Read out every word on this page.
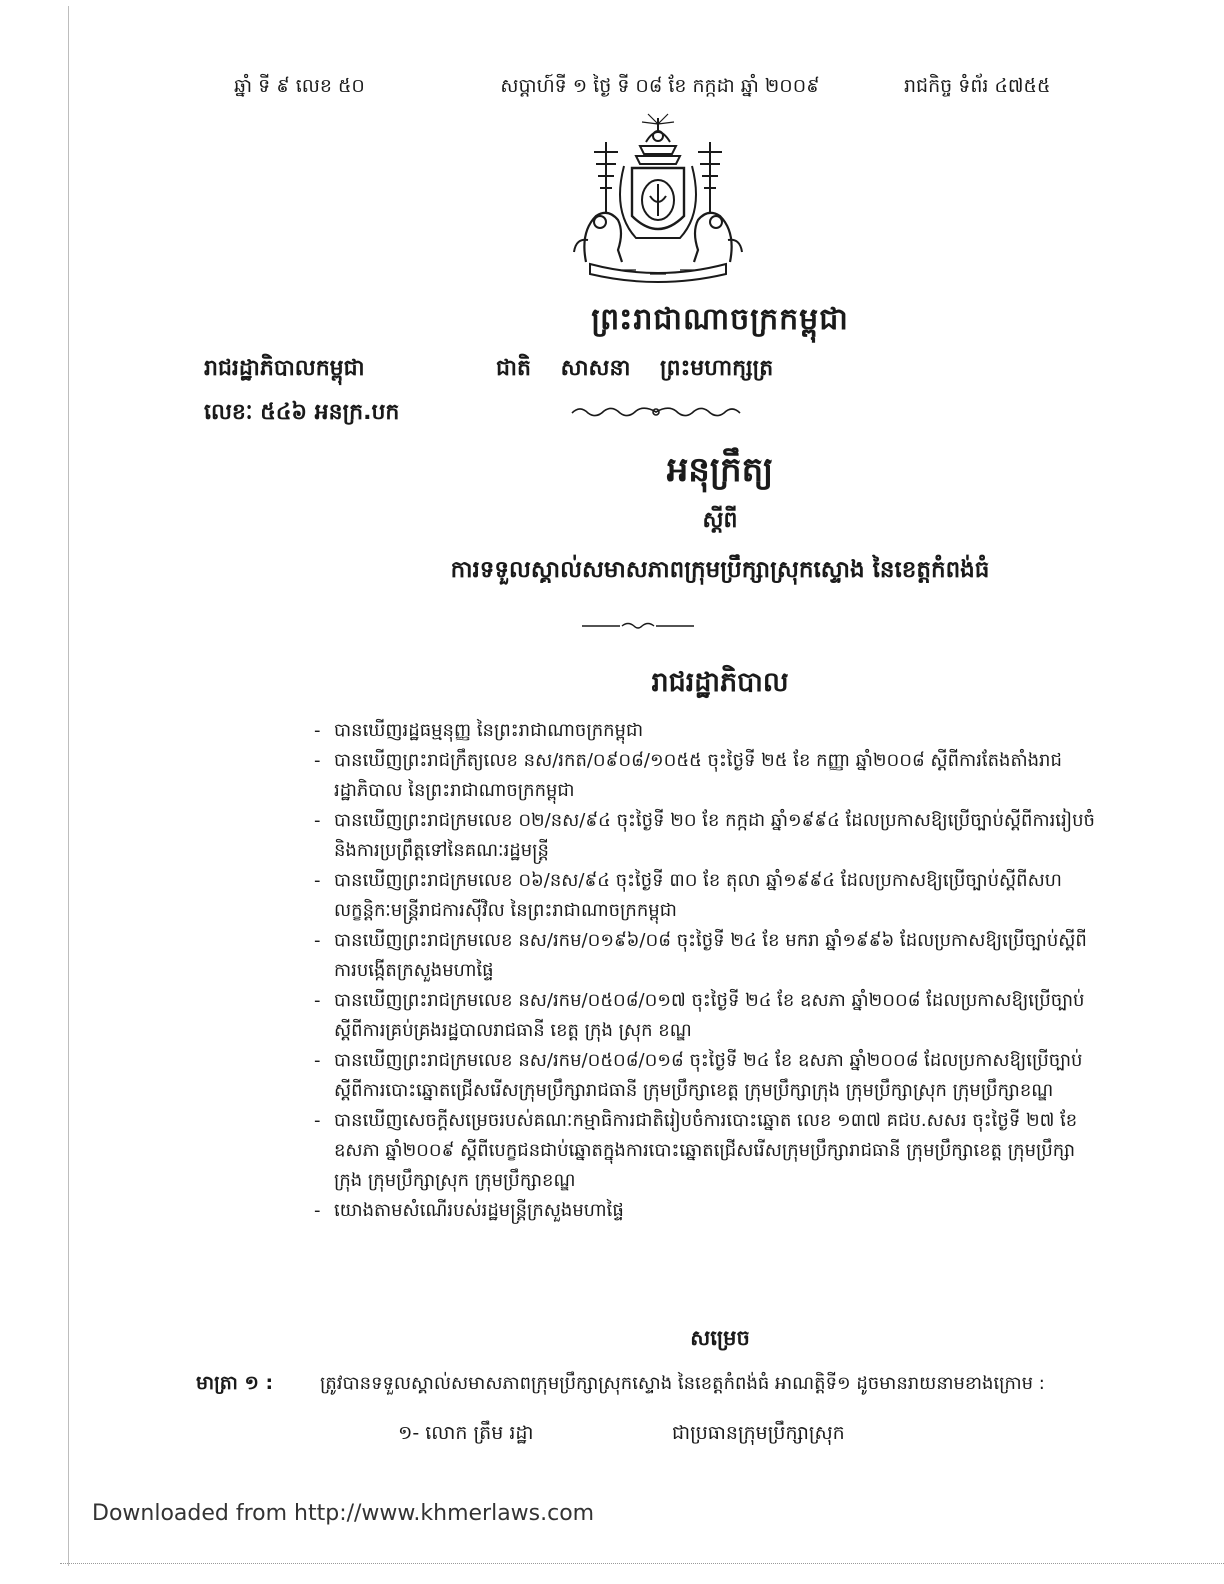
ឆ្នាំ ទី ៩ លេខ ៥០	សប្តាហ៍ទី ១ ថ្ងៃ ទី ០៨ ខែ កក្កដា ឆ្នាំ ២០០៩	រាជកិច្ច ទំព័រ ៤៧៥៥
ព្រះរាជាណាចក្រកម្ពុជា
រាជរដ្ឋាភិបាលកម្ពុជា	ជាតិ សាសនា ព្រះមហាក្សត្រ
លេខៈ ៥៤៦ អនក្រ.បក
អនុក្រឹត្យ
ស្តីពី
ការទទួលស្គាល់សមាសភាពក្រុមប្រឹក្សាស្រុកស្ទោង នៃខេត្តកំពង់ធំ
រាជរដ្ឋាភិបាល
- បានឃើញរដ្ឋធម្មនុញ្ញ នៃព្រះរាជាណាចក្រកម្ពុជា
- បានឃើញព្រះរាជក្រឹត្យលេខ នស/រកត/០៩០៨/១០៥៥ ចុះថ្ងៃទី ២៥ ខែ កញ្ញា ឆ្នាំ២០០៨ ស្តីពីការតែងតាំងរាជរដ្ឋាភិបាល នៃព្រះរាជាណាចក្រកម្ពុជា
- បានឃើញព្រះរាជក្រមលេខ ០២/នស/៩៤ ចុះថ្ងៃទី ២០ ខែ កក្កដា ឆ្នាំ១៩៩៤ ដែលប្រកាសឱ្យប្រើច្បាប់ស្តីពីការរៀបចំ និងការប្រព្រឹត្តទៅនៃគណៈរដ្ឋមន្ត្រី
- បានឃើញព្រះរាជក្រមលេខ ០៦/នស/៩៤ ចុះថ្ងៃទី ៣០ ខែ តុលា ឆ្នាំ១៩៩៤ ដែលប្រកាសឱ្យប្រើច្បាប់ស្តីពីសហលក្ខន្តិកៈមន្ត្រីរាជការស៊ីវិល នៃព្រះរាជាណាចក្រកម្ពុជា
- បានឃើញព្រះរាជក្រមលេខ នស/រកម/០១៩៦/០៨ ចុះថ្ងៃទី ២៤ ខែ មករា ឆ្នាំ១៩៩៦ ដែលប្រកាសឱ្យប្រើច្បាប់ស្តីពីការបង្កើតក្រសួងមហាផ្ទៃ
- បានឃើញព្រះរាជក្រមលេខ នស/រកម/០៥០៨/០១៧ ចុះថ្ងៃទី ២៤ ខែ ឧសភា ឆ្នាំ២០០៨ ដែលប្រកាសឱ្យប្រើច្បាប់ស្តីពីការគ្រប់គ្រងរដ្ឋបាលរាជធានី ខេត្ត ក្រុង ស្រុក ខណ្ឌ
- បានឃើញព្រះរាជក្រមលេខ នស/រកម/០៥០៨/០១៨ ចុះថ្ងៃទី ២៤ ខែ ឧសភា ឆ្នាំ២០០៨ ដែលប្រកាសឱ្យប្រើច្បាប់ស្តីពីការបោះឆ្នោតជ្រើសរើសក្រុមប្រឹក្សារាជធានី ក្រុមប្រឹក្សាខេត្ត ក្រុមប្រឹក្សាក្រុង ក្រុមប្រឹក្សាស្រុក ក្រុមប្រឹក្សាខណ្ឌ
- បានឃើញសេចក្តីសម្រេចរបស់គណៈកម្មាធិការជាតិរៀបចំការបោះឆ្នោត លេខ ១៣៧ គជប.សសរ ចុះថ្ងៃទី ២៧ ខែ ឧសភា ឆ្នាំ២០០៩ ស្តីពីបេក្ខជនជាប់ឆ្នោតក្នុងការបោះឆ្នោតជ្រើសរើសក្រុមប្រឹក្សារាជធានី ក្រុមប្រឹក្សាខេត្ត ក្រុមប្រឹក្សាក្រុង ក្រុមប្រឹក្សាស្រុក ក្រុមប្រឹក្សាខណ្ឌ
- យោងតាមសំណើរបស់រដ្ឋមន្ត្រីក្រសួងមហាផ្ទៃ
សម្រេច
មាត្រា ១ :	ត្រូវបានទទួលស្គាល់សមាសភាពក្រុមប្រឹក្សាស្រុកស្ទោង នៃខេត្តកំពង់ធំ អាណត្តិទី១ ដូចមានរាយនាមខាងក្រោម :
១- លោក ត្រឹម រដ្ឋា	ជាប្រធានក្រុមប្រឹក្សាស្រុក
Downloaded from http://www.khmerlaws.com
